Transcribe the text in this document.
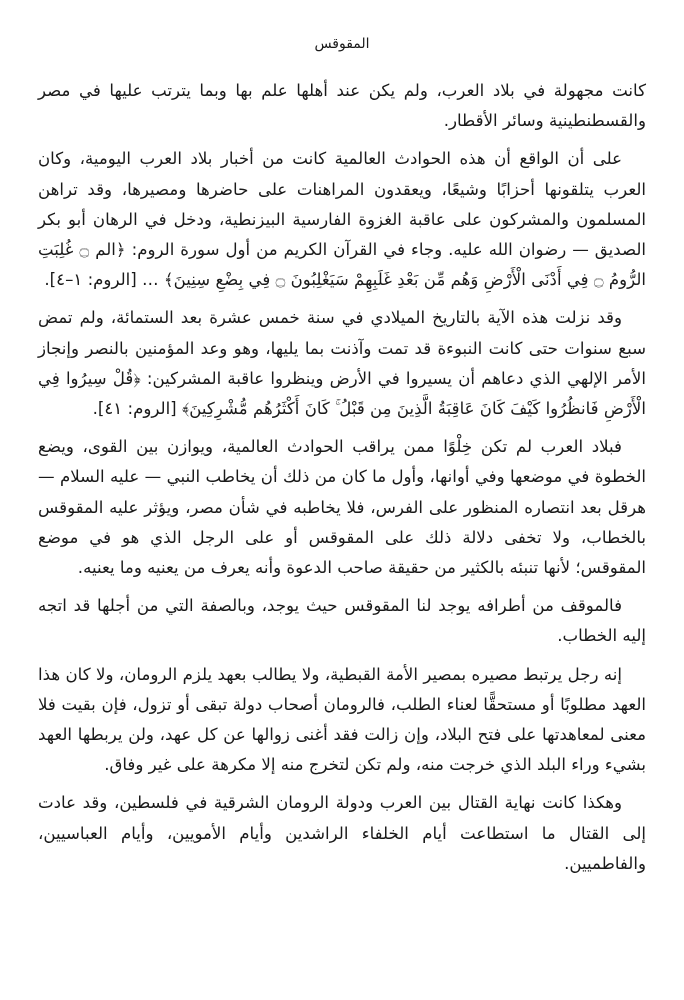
المقوقس

كانت مجهولة في بلاد العرب، ولم يكن عند أهلها علم بها وبما يترتب عليها في مصر والقسطنطينية وسائر الأقطار.

على أن الواقع أن هذه الحوادث العالمية كانت من أخبار بلاد العرب اليومية، وكان العرب يتلقونها أحزابًا وشيعًا، ويعقدون المراهنات على حاضرها ومصيرها، وقد تراهن المسلمون والمشركون على عاقبة الغزوة الفارسية البيزنطية، ودخل في الرهان أبو بكر الصديق — رضوان الله عليه. وجاء في القرآن الكريم من أول سورة الروم: ﴿الم ۝ غُلِبَتِ الرُّومُ ۝ فِي أَدْنَى الْأَرْضِ وَهُم مِّن بَعْدِ غَلَبِهِمْ سَيَغْلِبُونَ ۝ فِي بِضْعِ سِنِينَ﴾ … [الروم: ١–٤].

وقد نزلت هذه الآية بالتاريخ الميلادي في سنة خمس عشرة بعد الستمائة، ولم تمض سبع سنوات حتى كانت النبوءة قد تمت وآذنت بما يليها، وهو وعد المؤمنين بالنصر وإنجاز الأمر الإلهي الذي دعاهم أن يسيروا في الأرض وينظروا عاقبة المشركين: ﴿قُلْ سِيرُوا فِي الْأَرْضِ فَانظُرُوا كَيْفَ كَانَ عَاقِبَةُ الَّذِينَ مِن قَبْلُ ۚ كَانَ أَكْثَرُهُم مُّشْرِكِينَ﴾ [الروم: ٤١].

فبلاد العرب لم تكن خِلْوًا ممن يراقب الحوادث العالمية، ويوازن بين القوى، ويضع الخطوة في موضعها وفي أوانها، وأول ما كان من ذلك أن يخاطب النبي — عليه السلام — هرقل بعد انتصاره المنظور على الفرس، فلا يخاطبه في شأن مصر، ويؤثر عليه المقوقس بالخطاب، ولا تخفى دلالة ذلك على المقوقس أو على الرجل الذي هو في موضع المقوقس؛ لأنها تنبئه بالكثير من حقيقة صاحب الدعوة وأنه يعرف من يعنيه وما يعنيه.

فالموقف من أطرافه يوجد لنا المقوقس حيث يوجد، وبالصفة التي من أجلها قد اتجه إليه الخطاب.

إنه رجل يرتبط مصيره بمصير الأمة القبطية، ولا يطالب بعهد يلزم الرومان، ولا كان هذا العهد مطلوبًا أو مستحقًّا لعناء الطلب، فالرومان أصحاب دولة تبقى أو تزول، فإن بقيت فلا معنى لمعاهدتها على فتح البلاد، وإن زالت فقد أغنى زوالها عن كل عهد، ولن يربطها العهد بشيء وراء البلد الذي خرجت منه، ولم تكن لتخرج منه إلا مكرهة على غير وفاق.

وهكذا كانت نهاية القتال بين العرب ودولة الرومان الشرقية في فلسطين، وقد عادت إلى القتال ما استطاعت أيام الخلفاء الراشدين وأيام الأمويين، وأيام العباسيين، والفاطميين.
